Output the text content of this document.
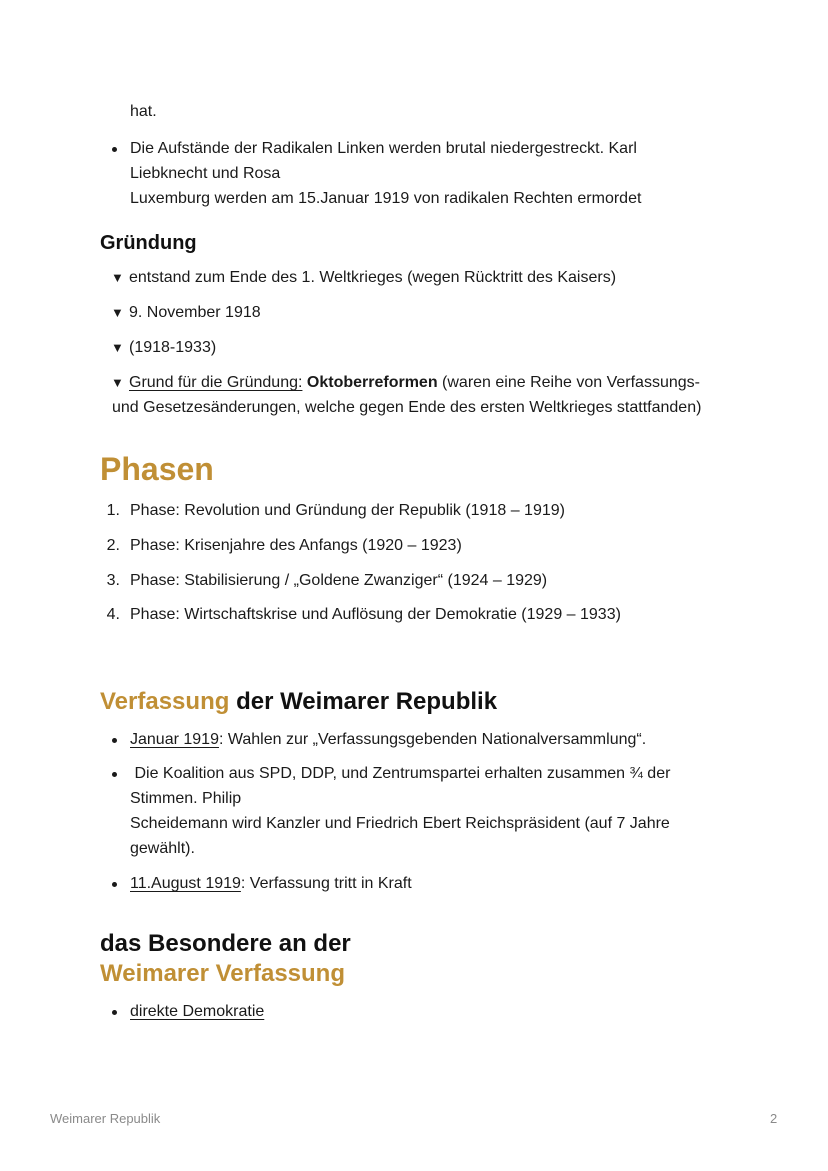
hat.
Die Aufstände der Radikalen Linken werden brutal niedergestreckt. Karl
Liebknecht und Rosa
Luxemburg werden am 15.Januar 1919 von radikalen Rechten ermordet
Gründung
▼ entstand zum Ende des 1. Weltkrieges (wegen Rücktritt des Kaisers)
▼ 9. November 1918
▼ (1918-1933)
▼ Grund für die Gründung: Oktoberreformen (waren eine Reihe von Verfassungs-
und Gesetzesänderungen, welche gegen Ende des ersten Weltkrieges stattfanden)
Phasen
1. Phase: Revolution und Gründung der Republik (1918 – 1919)
2. Phase: Krisenjahre des Anfangs (1920 – 1923)
3. Phase: Stabilisierung / „Goldene Zwanziger“ (1924 – 1929)
4. Phase: Wirtschaftskrise und Auflösung der Demokratie (1929 – 1933)
Verfassung der Weimarer Republik
Januar 1919: Wahlen zur „Verfassungsgebenden Nationalversammlung“.
Die Koalition aus SPD, DDP, und Zentrumspartei erhalten zusammen ¾ der
Stimmen. Philip
Scheidemann wird Kanzler und Friedrich Ebert Reichspräsident (auf 7 Jahre
gewählt).
11.August 1919: Verfassung tritt in Kraft
das Besondere an der
Weimarer Verfassung
direkte Demokratie
Weimarer Republik	2
